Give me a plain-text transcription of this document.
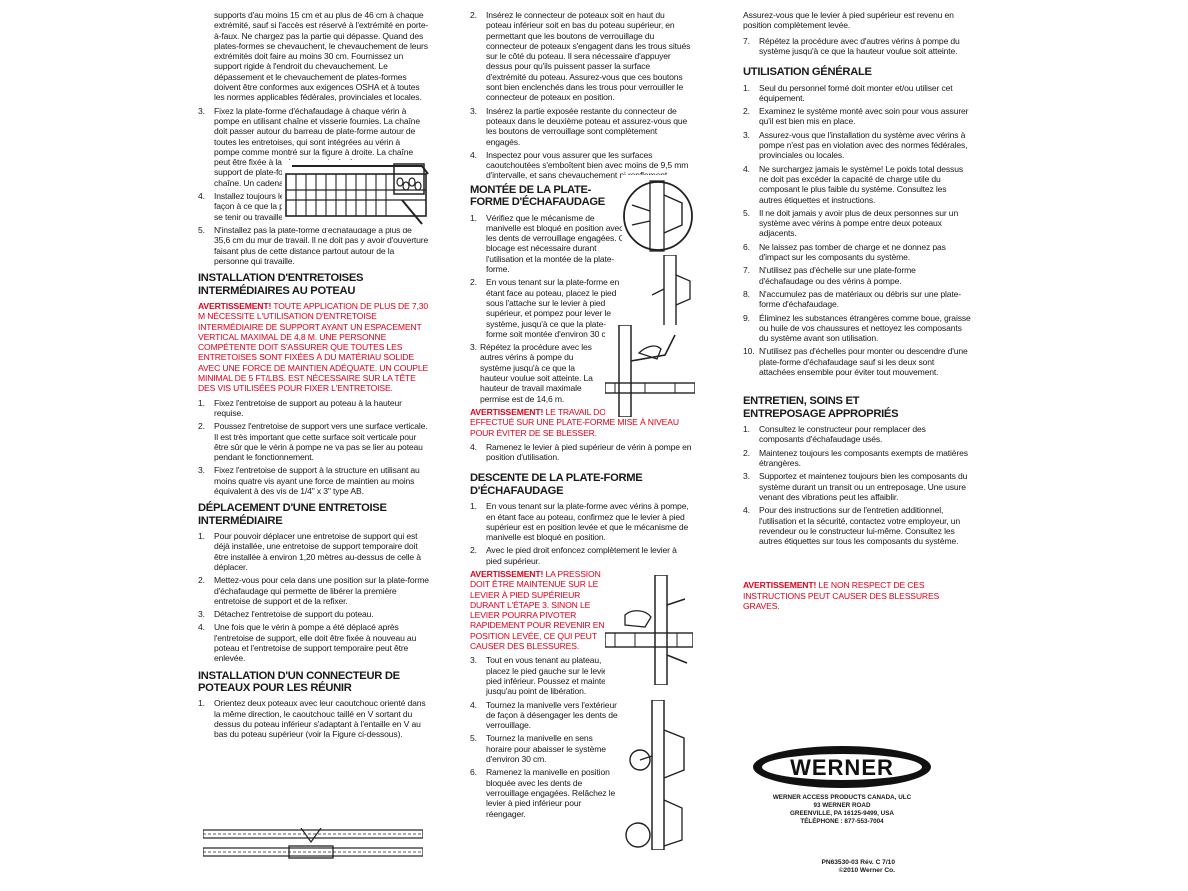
supports d'au moins 15 cm et au plus de 46 cm à chaque extrémité, sauf si l'accès est réservé à l'extrémité en porte-à-faux. Ne chargez pas la partie qui dépasse. Quand des plates-formes se chevauchent, le chevauchement de leurs extrémités doit faire au moins 30 cm. Fournissez un support rigide à l'endroit du chevauchement. Le dépassement et le chevauchement de plates-formes doivent être conformes aux exigences OSHA et à toutes les normes applicables fédérales, provinciales et locales.

3.	Fixez la plate-forme d'échafaudage à chaque vérin à pompe en utilisant chaîne et visserie fournies. La chaîne doit passer autour du barreau de plate-forme autour de toutes les entretoises, qui sont intégrées au vérin à pompe comme montré sur la figure à droite. La chaîne peut être fixée à la plaque terminale de
support de plate-forme, en utilisant le maillon rapide de la chaîne. Un cadenas peut être utilisé pour plus de sécurité.
4.	Installez toujours le système avec vérins à pompe de façon à ce que la plate-forme d'échafaudage utilisée pour se tenir ou travailler soit bien de niveau.
5.	N'installez pas la plate-forme d'échafaudage à plus de 35,6 cm du mur de travail. Il ne doit pas y avoir d'ouverture faisant plus de cette distance partout autour de la personne qui travaille.
INSTALLATION D'ENTRETOISES INTERMÉDIAIRES AU POTEAU

AVERTISSEMENT! TOUTE APPLICATION DE PLUS DE 7,30 M NÉCESSITE L'UTILISATION D'ENTRETOISE INTERMÉDIAIRE DE SUPPORT AYANT UN ESPACEMENT VERTICAL MAXIMAL DE 4,8 M. UNE PERSONNE COMPÉTENTE DOIT S'ASSURER QUE TOUTES LES ENTRETOISES SONT FIXÉES À DU MATÉRIAU SOLIDE AVEC UNE FORCE DE MAINTIEN ADÉQUATE. UN COUPLE MINIMAL DE 5 FT/LBS. EST NÉCESSAIRE SUR LA TÊTE DES VIS UTILISÉES POUR FIXER L'ENTRETOISE.

1.	Fixez l'entretoise de support au poteau à la hauteur requise.
2.	Poussez l'entretoise de support vers une surface verticale. Il est très important que cette surface soit verticale pour être sûr que le vérin à pompe ne va pas se lier au poteau pendant le fonctionnement.
3.	Fixez l'entretoise de support à la structure en utilisant au moins quatre vis ayant une force de maintien au moins équivalent à des vis de 1/4" x 3" type AB.
DÉPLACEMENT D'UNE ENTRETOISE INTERMÉDIAIRE
1.	Pour pouvoir déplacer une entretoise de support qui est déjà installée, une entretoise de support temporaire doit être installée à environ 1,20 mètres au-dessus de celle à déplacer.
2.	Mettez-vous pour cela dans une position sur la plate-forme d'échafaudage qui permette de libérer la première entretoise de support et de la refixer.
3.	Détachez l'entretoise de support du poteau.
4.	Une fois que le vérin à pompe a été déplacé après l'entretoise de support, elle doit être fixée à nouveau au poteau et l'entretoise de support temporaire peut être enlevée.
INSTALLATION D'UN CONNECTEUR DE POTEAUX POUR LES RÉUNIR
1.	Orientez deux poteaux avec leur caoutchouc orienté dans la même direction, le caoutchouc taillé en V sortant du dessus du poteau inférieur s'adaptant à l'entaille en V au bas du poteau supérieur (voir la Figure ci-dessous).
2.	Insérez le connecteur de poteaux soit en haut du poteau inférieur soit en bas du poteau supérieur, en permettant que les boutons de verrouillage du connecteur de poteaux s'engagent dans les trous situés sur le côté du poteau. Il sera nécessaire d'appuyer dessus pour qu'ils puissent passer la surface d'extrémité du poteau. Assurez-vous que ces boutons sont bien enclenchés dans les trous pour verrouiller le connecteur de poteaux en position.
3.	Insérez la partie exposée restante du connecteur de poteaux dans le deuxième poteau et assurez-vous que les boutons de verrouillage sont complètement engagés.
4.	Inspectez pour vous assurer que les surfaces caoutchoutées s'emboîtent bien avec moins de 9,5 mm d'intervalle, et sans chevauchement ni renflement.
MONTÉE DE LA PLATE-FORME D'ÉCHAFAUDAGE
1.	Vérifiez que le mécanisme de manivelle est bloqué en position avec les dents de verrouillage engagées. Ce blocage est nécessaire durant l'utilisation et la montée de la plate-forme.
2.	En vous tenant sur la plate-forme en étant face au poteau, placez le pied sous l'attache sur le levier à pied supérieur, et pompez pour lever le système, jusqu'à ce que la plate-forme soit montée d'environ 30 cm.
3. Répétez la procédure avec les autres vérins à pompe du système jusqu'à ce que la hauteur voulue soit atteinte. La hauteur de travail maximale permise est de 14,6 m.

AVERTISSEMENT! LE TRAVAIL DOIT TOUJOURS ÊTRE EFFECTUÉ SUR UNE PLATE-FORME MISE À NIVEAU POUR ÉVITER DE SE BLESSER.

4.	Ramenez le levier à pied supérieur de vérin à pompe en position d'utilisation.
DESCENTE DE LA PLATE-FORME D'ÉCHAFAUDAGE
1.	En vous tenant sur la plate-forme avec vérins à pompe, en étant face au poteau, confirmez que le levier à pied supérieur est en position levée et que le mécanisme de manivelle est bloqué en position.
2.	Avec le pied droit enfoncez complètement le levier à pied supérieur.

AVERTISSEMENT! LA PRESSION DOIT ÊTRE MAINTENUE SUR LE LEVIER À PIED SUPÉRIEUR DURANT L'ÉTAPE 3. SINON LE LEVIER POURRA PIVOTER RAPIDEMENT POUR REVENIR EN POSITION LEVÉE, CE QUI PEUT CAUSER DES BLESSURES.

3.	Tout en vous tenant au plateau, placez le pied gauche sur le levier à pied inférieur. Poussez et maintenez jusqu'au point de libération.
4.	Tournez la manivelle vers l'extérieur de façon à désengager les dents de verrouillage.
5.	Tournez la manivelle en sens horaire pour abaisser le système d'environ 30 cm.
6.	Ramenez la manivelle en position bloquée avec les dents de verrouillage engagées. Relâchez le levier à pied inférieur pour réengager.

Assurez-vous que le levier à pied supérieur est revenu en position complètement levée.

7.	Répétez la procédure avec d'autres vérins à pompe du système jusqu'à ce que la hauteur voulue soit atteinte.
UTILISATION GÉNÉRALE
1.	Seul du personnel formé doit monter et/ou utiliser cet équipement.
2.	Examinez le système monté avec soin pour vous assurer qu'il est bien mis en place.
3.	Assurez-vous que l'installation du système avec vérins à pompe n'est pas en violation avec des normes fédérales, provinciales ou locales.
4.	Ne surchargez jamais le système! Le poids total dessus ne doit pas excéder la capacité de charge utile du composant le plus faible du système. Consultez les autres étiquettes et instructions.
5.	Il ne doit jamais y avoir plus de deux personnes sur un système avec vérins à pompe entre deux poteaux adjacents.
6.	Ne laissez pas tomber de charge et ne donnez pas d'impact sur les composants du système.
7.	N'utilisez pas d'échelle sur une plate-forme d'échafaudage ou des vérins à pompe.
8.	N'accumulez pas de matériaux ou débris sur une plate-forme d'échafaudage.
9.	Éliminez les substances étrangères comme boue, graisse ou huile de vos chaussures et nettoyez les composants du système avant son utilisation.
10. N'utilisez pas d'échelles pour monter ou descendre d'une plate-forme d'échafaudage sauf si les deux sont attachées ensemble pour éviter tout mouvement.
ENTRETIEN, SOINS ET ENTREPOSAGE APPROPRIÉS
1.	Consultez le constructeur pour remplacer des composants d'échafaudage usés.
2.	Maintenez toujours les composants exempts de matières étrangères.
3.	Supportez et maintenez toujours bien les composants du système durant un transit ou un entreposage. Une usure venant des vibrations peut les affaiblir.
4.	Pour des instructions sur de l'entretien additionnel, l'utilisation et la sécurité, contactez votre employeur, un revendeur ou le constructeur lui-même. Consultez les autres étiquettes sur tous les composants du système.

AVERTISSEMENT! LE NON RESPECT DE CES INSTRUCTIONS PEUT CAUSER DES BLESSURES GRAVES.

WERNER
WERNER ACCESS PRODUCTS CANADA, ULC
93 WERNER ROAD
GREENVILLE, PA 16125-9499, USA
TÉLÉPHONE : 877-553-7004
PN63530-03 Rév. C 7/10
©2010 Werner Co.
